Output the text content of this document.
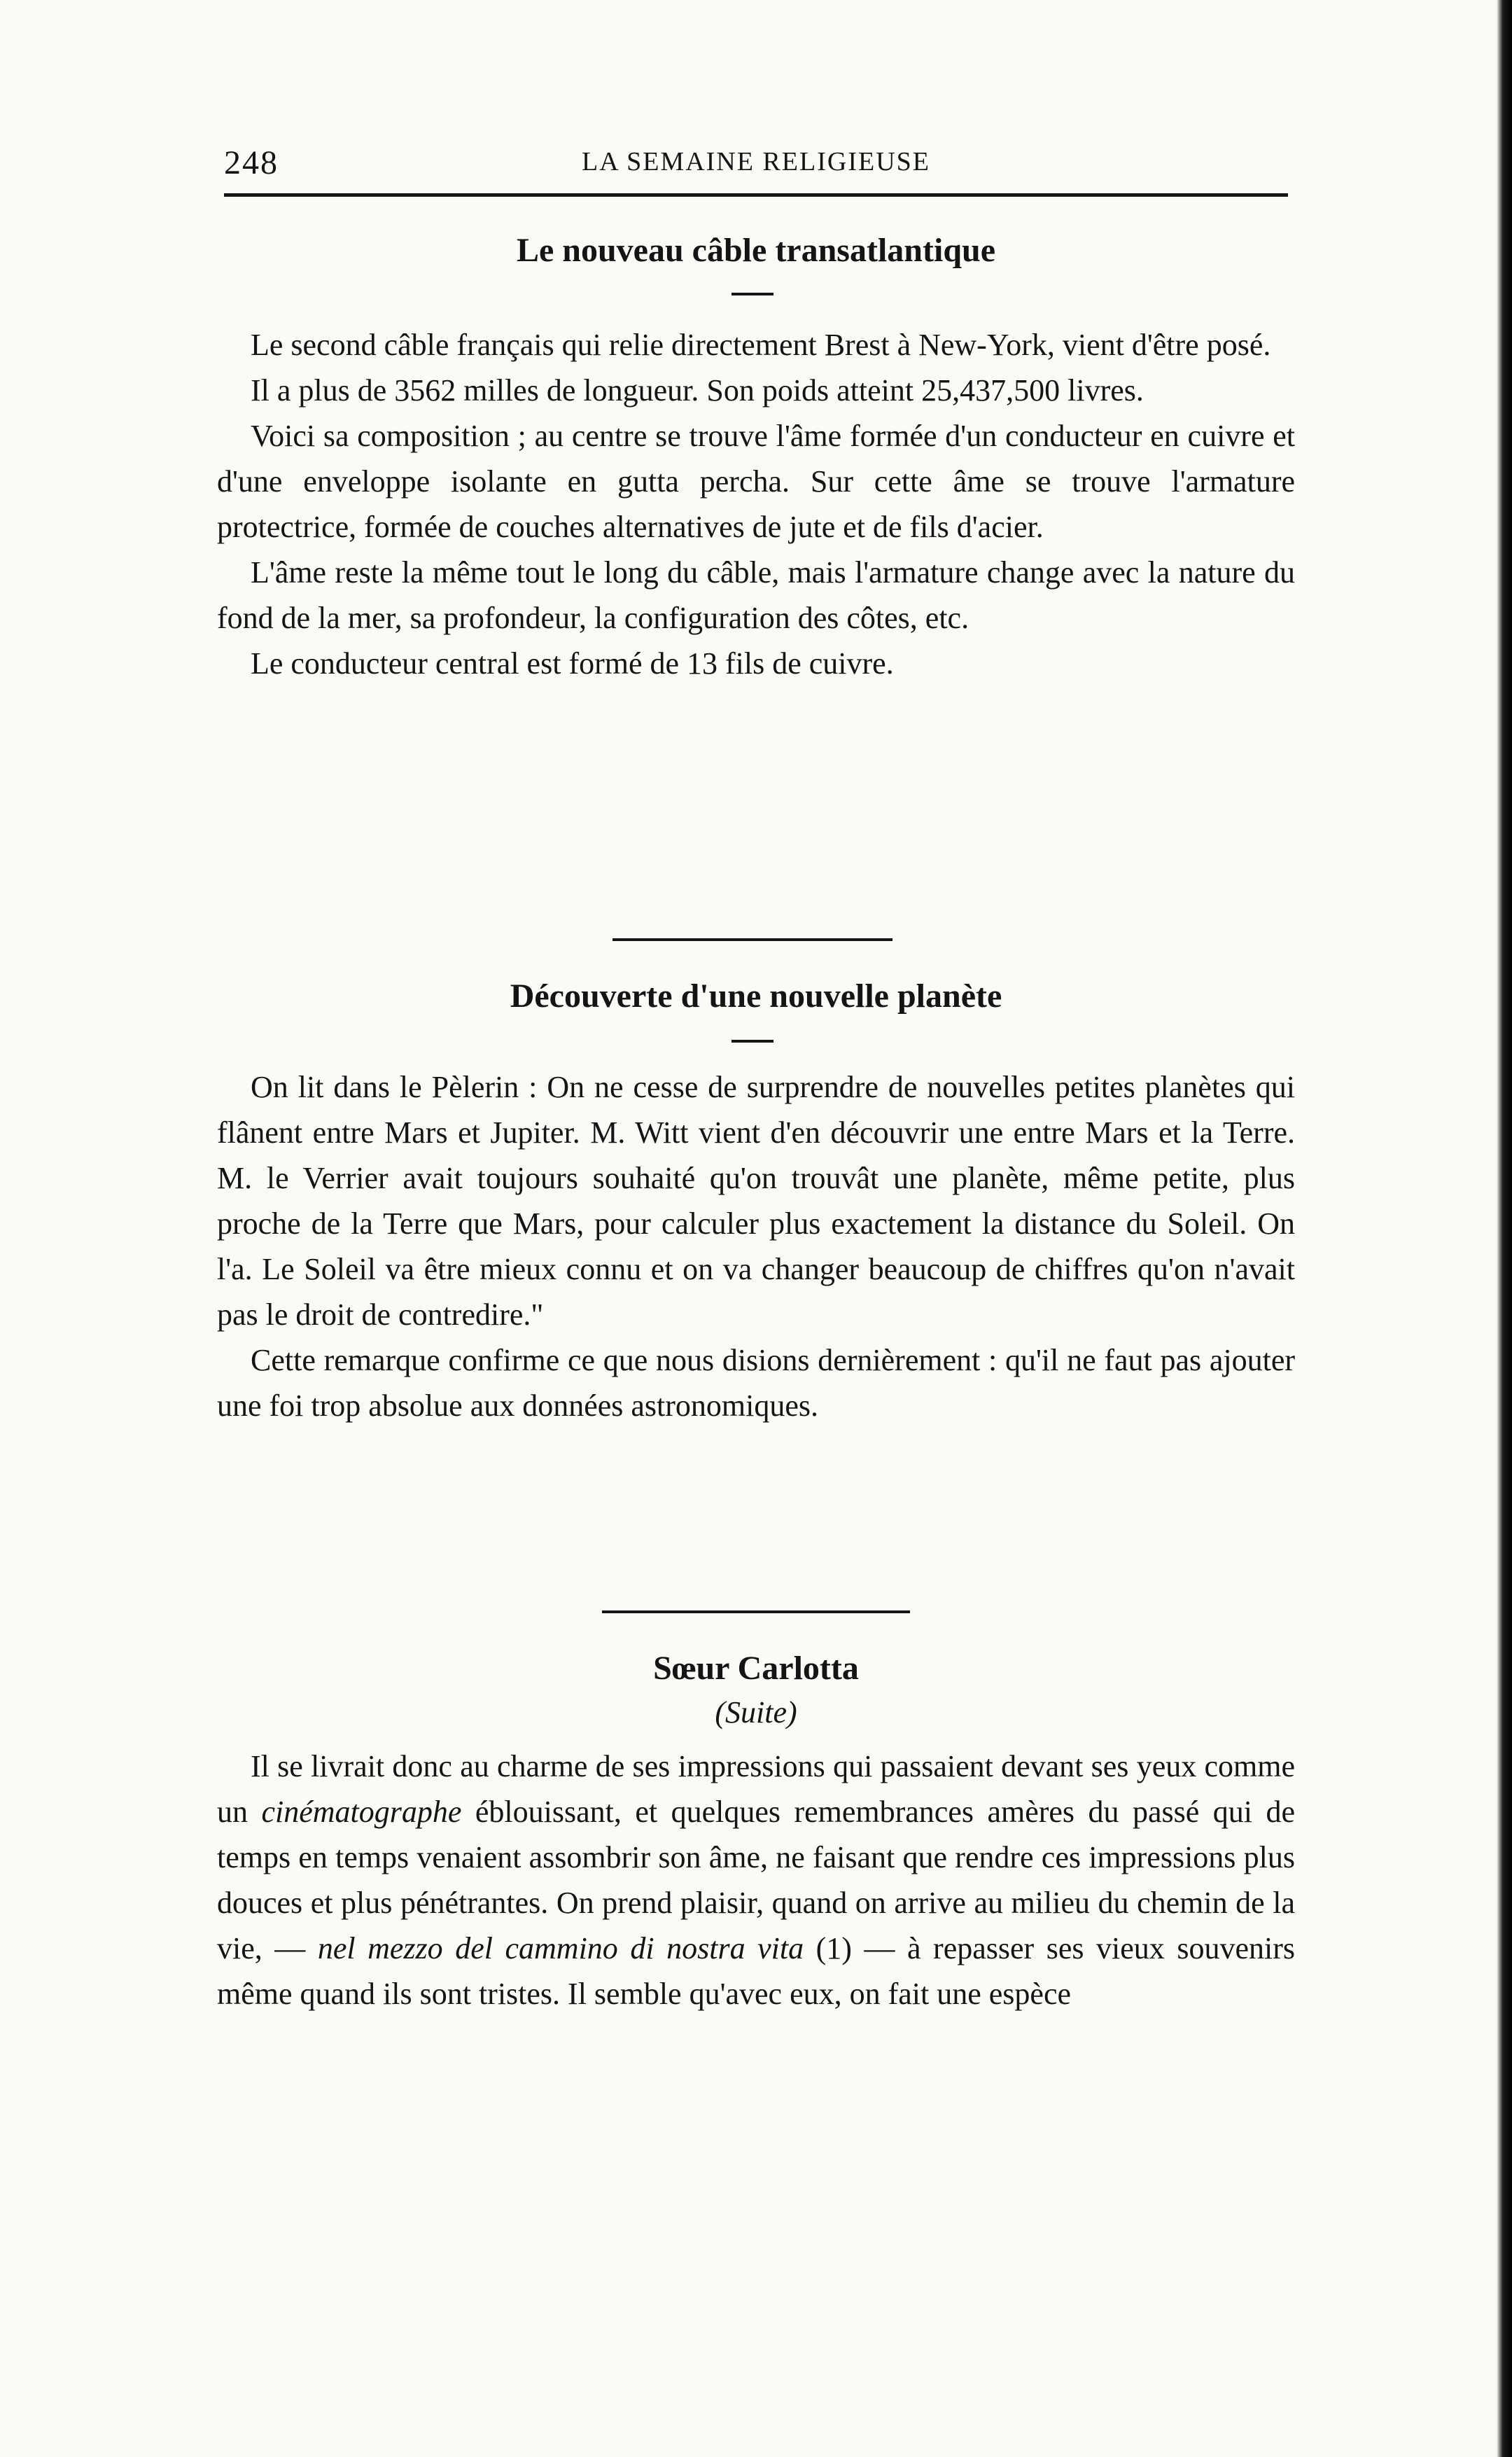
248	LA SEMAINE RELIGIEUSE
Le nouveau câble transatlantique

Le second câble français qui relie directement Brest à New-York, vient d'être posé.

Il a plus de 3562 milles de longueur. Son poids atteint 25,437,500 livres.

Voici sa composition ; au centre se trouve l'âme formée d'un conducteur en cuivre et d'une enveloppe isolante en gutta percha. Sur cette âme se trouve l'armature protectrice, formée de couches alternatives de jute et de fils d'acier.

L'âme reste la même tout le long du câble, mais l'armature change avec la nature du fond de la mer, sa profondeur, la configuration des côtes, etc.

Le conducteur central est formé de 13 fils de cuivre.

Découverte d'une nouvelle planète

On lit dans le Pèlerin : On ne cesse de surprendre de nouvelles petites planètes qui flânent entre Mars et Jupiter. M. Witt vient d'en découvrir une entre Mars et la Terre. M. le Verrier avait toujours souhaité qu'on trouvât une planète, même petite, plus proche de la Terre que Mars, pour calculer plus exactement la distance du Soleil. On l'a. Le Soleil va être mieux connu et on va changer beaucoup de chiffres qu'on n'avait pas le droit de contredire."

Cette remarque confirme ce que nous disions dernièrement : qu'il ne faut pas ajouter une foi trop absolue aux données astronomiques.

Sœur Carlotta
(Suite)

Il se livrait donc au charme de ses impressions qui passaient devant ses yeux comme un cinématographe éblouissant, et quelques remembrances amères du passé qui de temps en temps venaient assombrir son âme, ne faisant que rendre ces impressions plus douces et plus pénétrantes. On prend plaisir, quand on arrive au milieu du chemin de la vie, — nel mezzo del cammino di nostra vita (1) — à repasser ses vieux souvenirs même quand ils sont tristes. Il semble qu'avec eux, on fait une espèce
